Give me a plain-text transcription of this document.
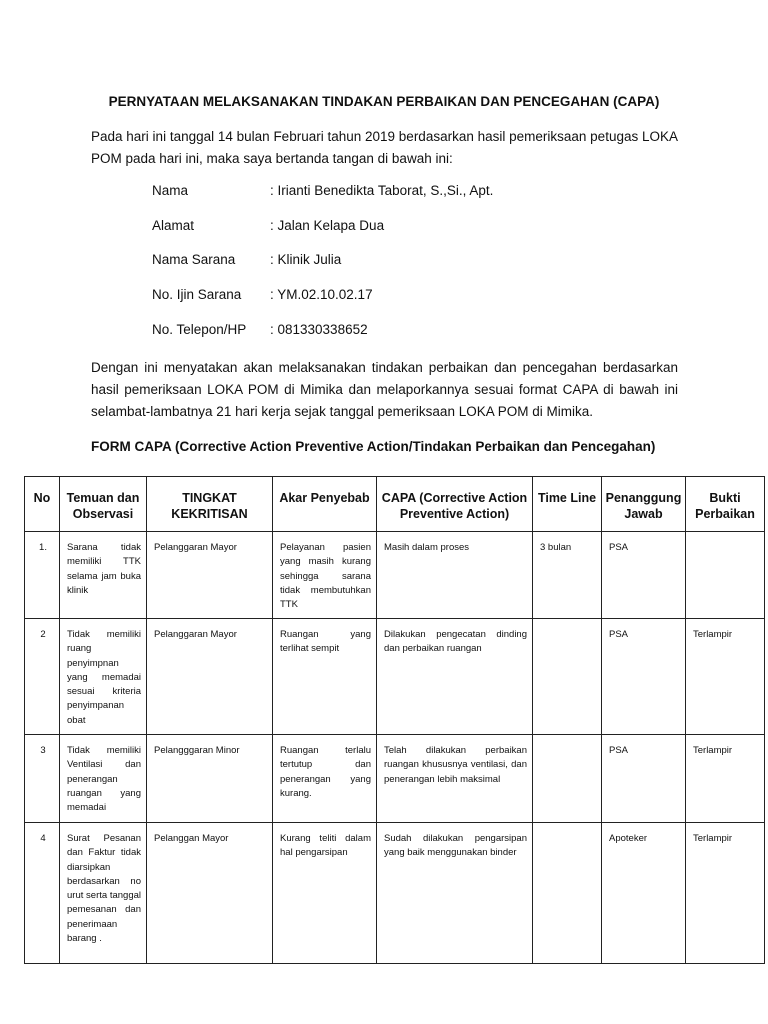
PERNYATAAN MELAKSANAKAN TINDAKAN PERBAIKAN DAN PENCEGAHAN (CAPA)
Pada hari ini tanggal 14 bulan Februari tahun 2019 berdasarkan hasil pemeriksaan petugas LOKA POM pada hari ini, maka saya bertanda tangan di bawah ini:
Nama	: Irianti Benedikta Taborat, S.,Si., Apt.
Alamat	: Jalan Kelapa Dua
Nama Sarana	: Klinik Julia
No. Ijin Sarana	: YM.02.10.02.17
No. Telepon/HP	: 081330338652
Dengan ini menyatakan akan melaksanakan tindakan perbaikan dan pencegahan berdasarkan hasil pemeriksaan LOKA POM di Mimika dan melaporkannya sesuai format CAPA di bawah ini selambat-lambatnya 21 hari kerja sejak tanggal pemeriksaan LOKA POM di Mimika.
FORM CAPA (Corrective Action Preventive Action/Tindakan Perbaikan dan Pencegahan)
No	Temuan dan Observasi	TINGKAT KEKRITISAN	Akar Penyebab	CAPA (Corrective Action Preventive Action)	Time Line	Penanggung Jawab	Bukti Perbaikan
1.	Sarana tidak memiliki TTK selama jam buka klinik	Pelanggaran Mayor	Pelayanan pasien yang masih kurang sehingga sarana tidak membutuhkan TTK	Masih dalam proses	3 bulan	PSA	
2	Tidak memiliki ruang penyimpnan yang memadai sesuai kriteria penyimpanan obat	Pelanggaran Mayor	Ruangan yang terlihat sempit	Dilakukan pengecatan dinding dan perbaikan ruangan		PSA	Terlampir
3	Tidak memiliki Ventilasi dan penerangan ruangan yang memadai	Pelangggaran Minor	Ruangan terlalu tertutup dan penerangan yang kurang.	Telah dilakukan perbaikan ruangan khususnya ventilasi, dan penerangan lebih maksimal		PSA	Terlampir
4	Surat Pesanan dan Faktur tidak diarsipkan berdasarkan no urut serta tanggal pemesanan dan penerimaan barang .	Pelanggan Mayor	Kurang teliti dalam hal pengarsipan	Sudah dilakukan pengarsipan yang baik menggunakan binder		Apoteker	Terlampir
